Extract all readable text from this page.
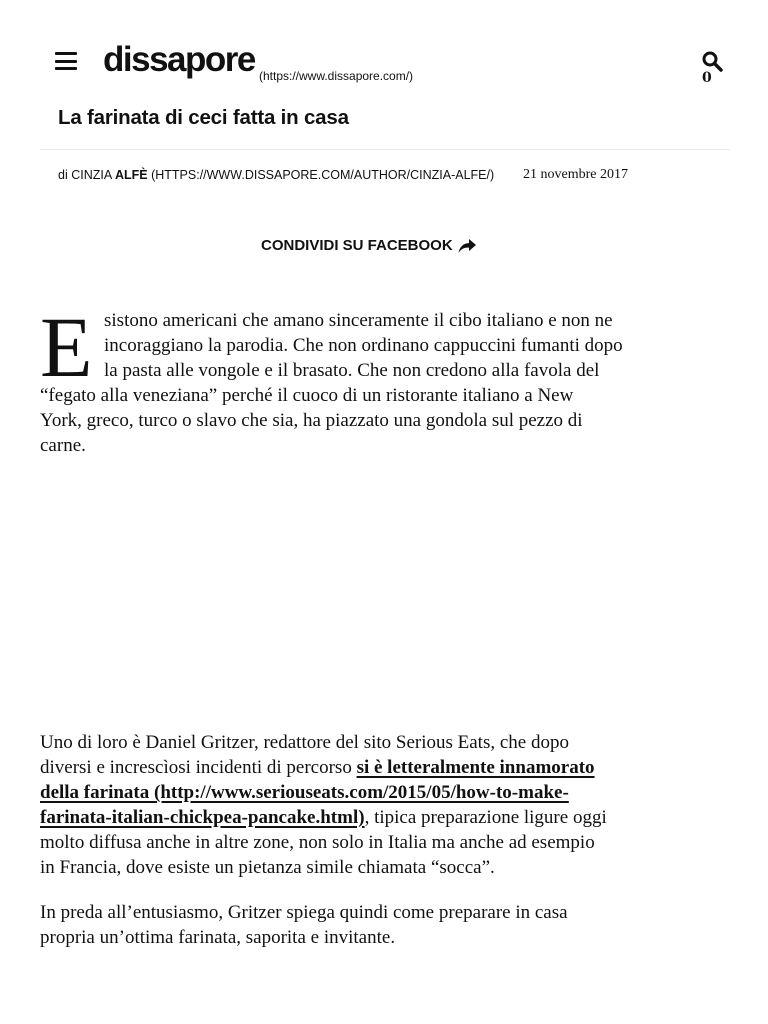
dissapore (https://www.dissapore.com/)	0
La farinata di ceci fatta in casa
di CINZIA ALFÈ (HTTPS://WWW.DISSAPORE.COM/AUTHOR/CINZIA-ALFE/) 21 novembre 2017
CONDIVIDI SU FACEBOOK
E sistono americani che amano sinceramente il cibo italiano e non ne
incoraggiano la parodia. Che non ordinano cappuccini fumanti dopo
la pasta alle vongole e il brasato. Che non credono alla favola del
“fegato alla veneziana” perché il cuoco di un ristorante italiano a New
York, greco, turco o slavo che sia, ha piazzato una gondola sul pezzo di
carne.
Uno di loro è Daniel Gritzer, redattore del sito Serious Eats, che dopo
diversi e increscìosi incidenti di percorso si è letteralmente innamorato
della farinata (http://www.seriouseats.com/2015/05/how-to-make-
farinata-italian-chickpea-pancake.html), tipica preparazione ligure oggi
molto diffusa anche in altre zone, non solo in Italia ma anche ad esempio
in Francia, dove esiste un pietanza simile chiamata “socca”.
In preda all’entusiasmo, Gritzer spiega quindi come preparare in casa
propria un’ottima farinata, saporita e invitante.
